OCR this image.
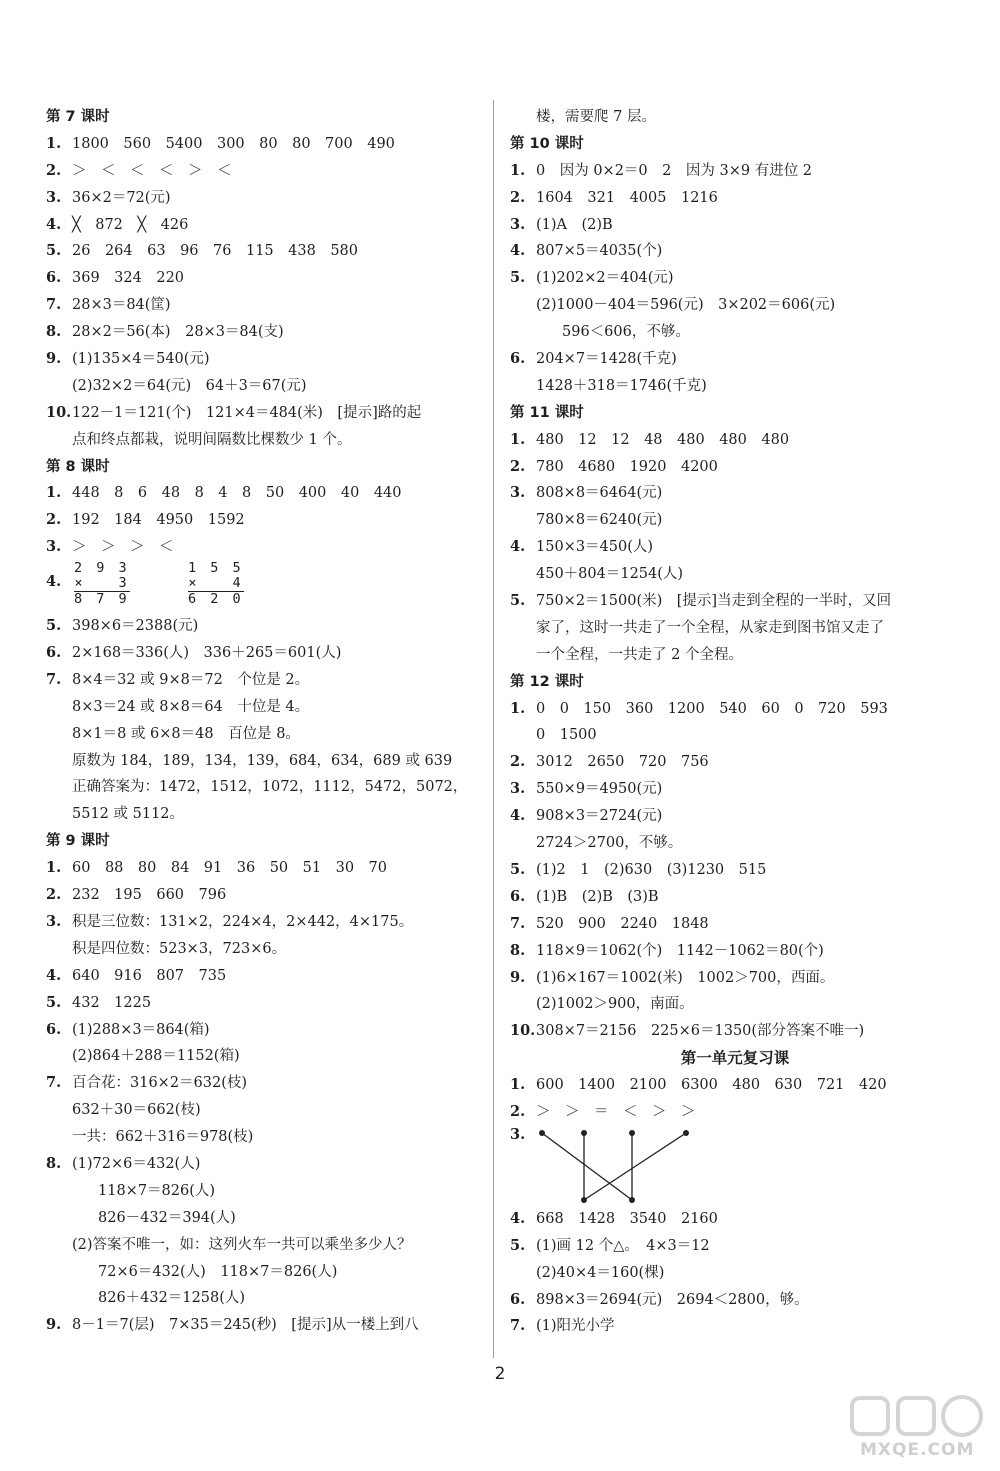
第 7 课时
1. 1800　560　5400　300　80　80　700　490
2. ＞　＜　＜　＜　＞　＜
3. 36×2＝72(元)
4. ╳　872　╳　426
5. 26　264　63　96　76　115　438　580
6. 369　324　220
7. 28×3＝84(筐)
8. 28×2＝56(本)　28×3＝84(支)
9. (1)135×4＝540(元)
(2)32×2＝64(元)　64＋3＝67(元)
10.122－1＝121(个)　121×4＝484(米)　[提示]路的起
点和终点都栽，说明间隔数比棵数少 1 个。
第 8 课时
1. 448　8　6　48　8　4　8　50　400　40　440
2. 192　184　4950　1592
3. ＞　＞　＞　＜
4.
2 9 3
×　　3
8 7 9
1 5 5
×　　4
6 2 0
5. 398×6＝2388(元)
6. 2×168＝336(人)　336＋265＝601(人)
7. 8×4＝32 或 9×8＝72　个位是 2。
8×3＝24 或 8×8＝64　十位是 4。
8×1＝8 或 6×8＝48　百位是 8。
原数为 184，189，134，139，684，634，689 或 639
正确答案为：1472，1512，1072，1112，5472，5072，
5512 或 5112。
第 9 课时
1. 60　88　80　84　91　36　50　51　30　70
2. 232　195　660　796
3. 积是三位数：131×2，224×4，2×442，4×175。
积是四位数：523×3，723×6。
4. 640　916　807　735
5. 432　1225
6. (1)288×3＝864(箱)
(2)864＋288＝1152(箱)
7. 百合花：316×2＝632(枝)
632＋30＝662(枝)
一共：662＋316＝978(枝)
8. (1)72×6＝432(人)
118×7＝826(人)
826－432＝394(人)
(2)答案不唯一，如：这列火车一共可以乘坐多少人？
72×6＝432(人)　118×7＝826(人)
826＋432＝1258(人)
9. 8－1＝7(层)　7×35＝245(秒)　[提示]从一楼上到八
楼，需要爬 7 层。
第 10 课时
1. 0　因为 0×2＝0　2　因为 3×9 有进位 2
2. 1604　321　4005　1216
3. (1)A　(2)B
4. 807×5＝4035(个)
5. (1)202×2＝404(元)
(2)1000－404＝596(元)　3×202＝606(元)
596＜606，不够。
6. 204×7＝1428(千克)
1428＋318＝1746(千克)
第 11 课时
1. 480　12　12　48　480　480　480
2. 780　4680　1920　4200
3. 808×8＝6464(元)
780×8＝6240(元)
4. 150×3＝450(人)
450＋804＝1254(人)
5. 750×2＝1500(米)　[提示]当走到全程的一半时，又回
家了，这时一共走了一个全程，从家走到图书馆又走了
一个全程，一共走了 2 个全程。
第 12 课时
1. 0　0　150　360　1200　540　60　0　720　593
0　1500
2. 3012　2650　720　756
3. 550×9＝4950(元)
4. 908×3＝2724(元)
2724＞2700，不够。
5. (1)2　1　(2)630　(3)1230　515
6. (1)B　(2)B　(3)B
7. 520　900　2240　1848
8. 118×9＝1062(个)　1142－1062＝80(个)
9. (1)6×167＝1002(米)　1002＞700，西面。
(2)1002＞900，南面。
10.308×7＝2156　225×6＝1350(部分答案不唯一)
第一单元复习课
1. 600　1400　2100　6300　480　630　721　420
2. ＞　＞　＝　＜　＞　＞
3.
4. 668　1428　3540　2160
5. (1)画 12 个△。　4×3＝12
(2)40×4＝160(棵)
6. 898×3＝2694(元)　2694＜2800，够。
7. (1)阳光小学
2
MXQE.COM
